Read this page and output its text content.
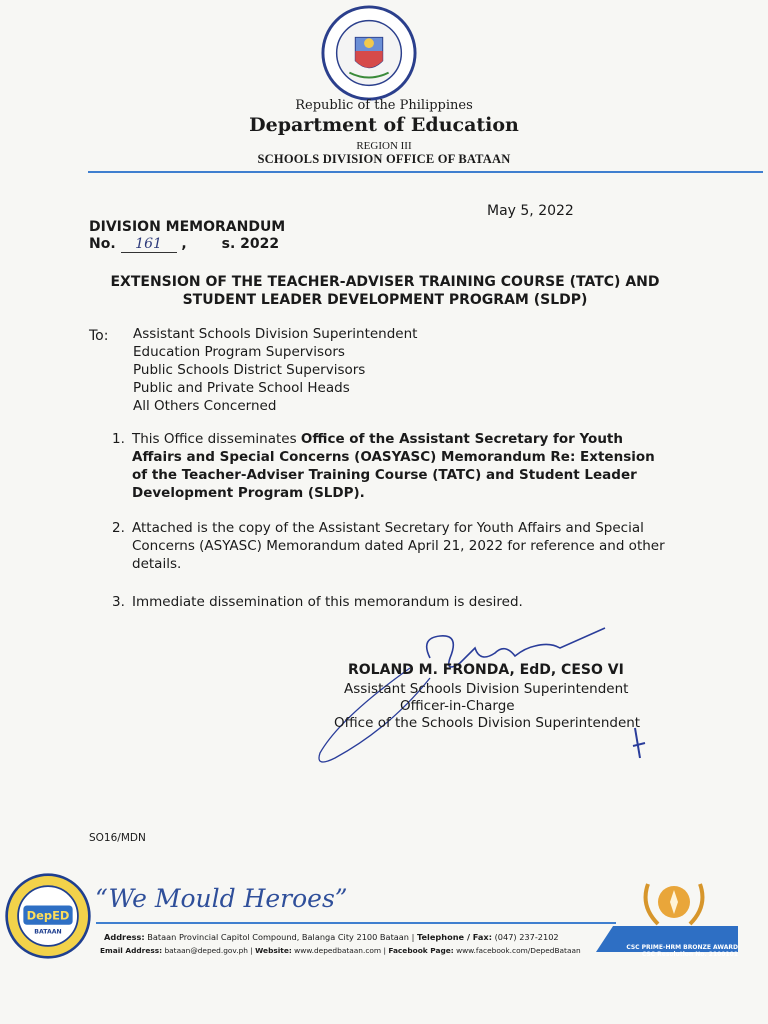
Republic of the Philippines
Department of Education
REGION III
SCHOOLS DIVISION OFFICE OF BATAAN
May 5, 2022
DIVISION MEMORANDUM
No. 161 , s. 2022
EXTENSION OF THE TEACHER-ADVISER TRAINING COURSE (TATC) AND
STUDENT LEADER DEVELOPMENT PROGRAM (SLDP)
To: Assistant Schools Division Superintendent
Education Program Supervisors
Public Schools District Supervisors
Public and Private School Heads
All Others Concerned
1. This Office disseminates Office of the Assistant Secretary for Youth Affairs and Special Concerns (OASYASC) Memorandum Re: Extension of the Teacher-Adviser Training Course (TATC) and Student Leader Development Program (SLDP).
2. Attached is the copy of the Assistant Secretary for Youth Affairs and Special Concerns (ASYASC) Memorandum dated April 21, 2022 for reference and other details.
3. Immediate dissemination of this memorandum is desired.
ROLAND M. FRONDA, EdD, CESO VI
Assistant Schools Division Superintendent
Officer-in-Charge
Office of the Schools Division Superintendent
SO16/MDN
DepED
BATAAN
“We Mould Heroes”
Address: Bataan Provincial Capitol Compound, Balanga City 2100 Bataan | Telephone / Fax: (047) 237-2102
Email Address: bataan@deped.gov.ph | Website: www.depedbataan.com | Facebook Page: www.facebook.com/DepedBataan	CSC PRIME-HRM BRONZE AWARD
CSC Resolution No. 2100101
